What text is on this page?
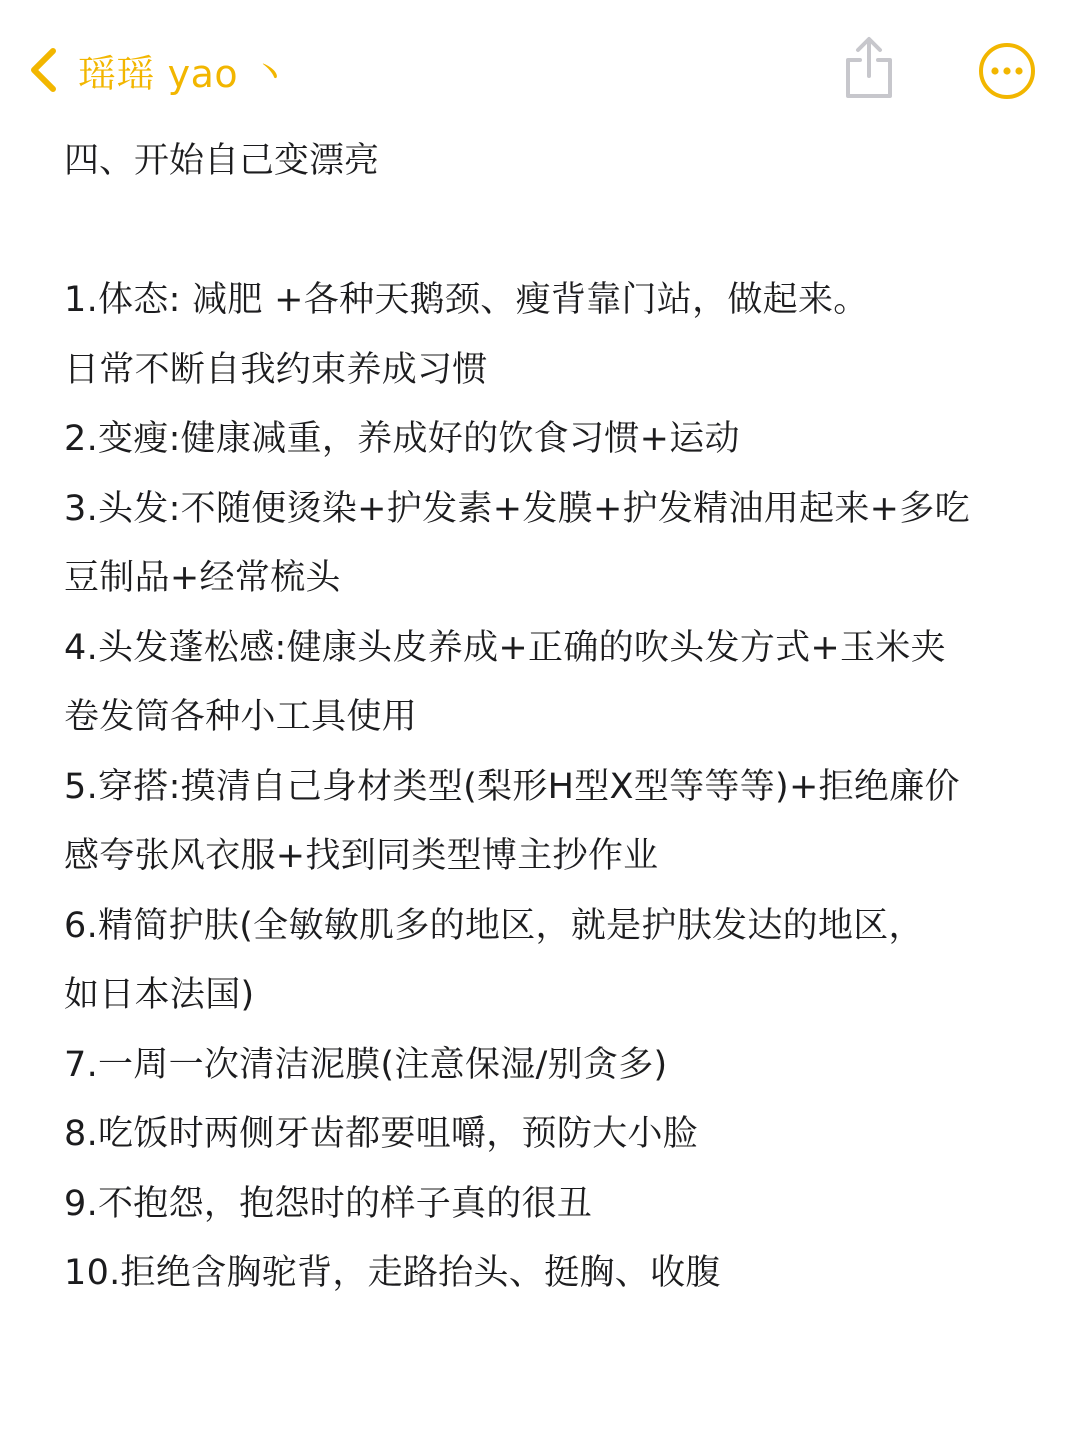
瑶瑶 yao 丶
四、开始自己变漂亮
1.体态: 减肥 +各种天鹅颈、瘦背靠门站，做起来。
日常不断自我约束养成习惯
2.变瘦:健康减重，养成好的饮食习惯+运动
3.头发:不随便烫染+护发素+发膜+护发精油用起来+多吃
豆制品+经常梳头
4.头发蓬松感:健康头皮养成+正确的吹头发方式+玉米夹
卷发筒各种小工具使用
5.穿搭:摸清自己身材类型(梨形H型X型等等等)+拒绝廉价
感夸张风衣服+找到同类型博主抄作业
6.精简护肤(全敏敏肌多的地区，就是护肤发达的地区，
如日本法国)
7.一周一次清洁泥膜(注意保湿/别贪多)
8.吃饭时两侧牙齿都要咀嚼，预防大小脸
9.不抱怨，抱怨时的样子真的很丑
10.拒绝含胸驼背，走路抬头、挺胸、收腹
